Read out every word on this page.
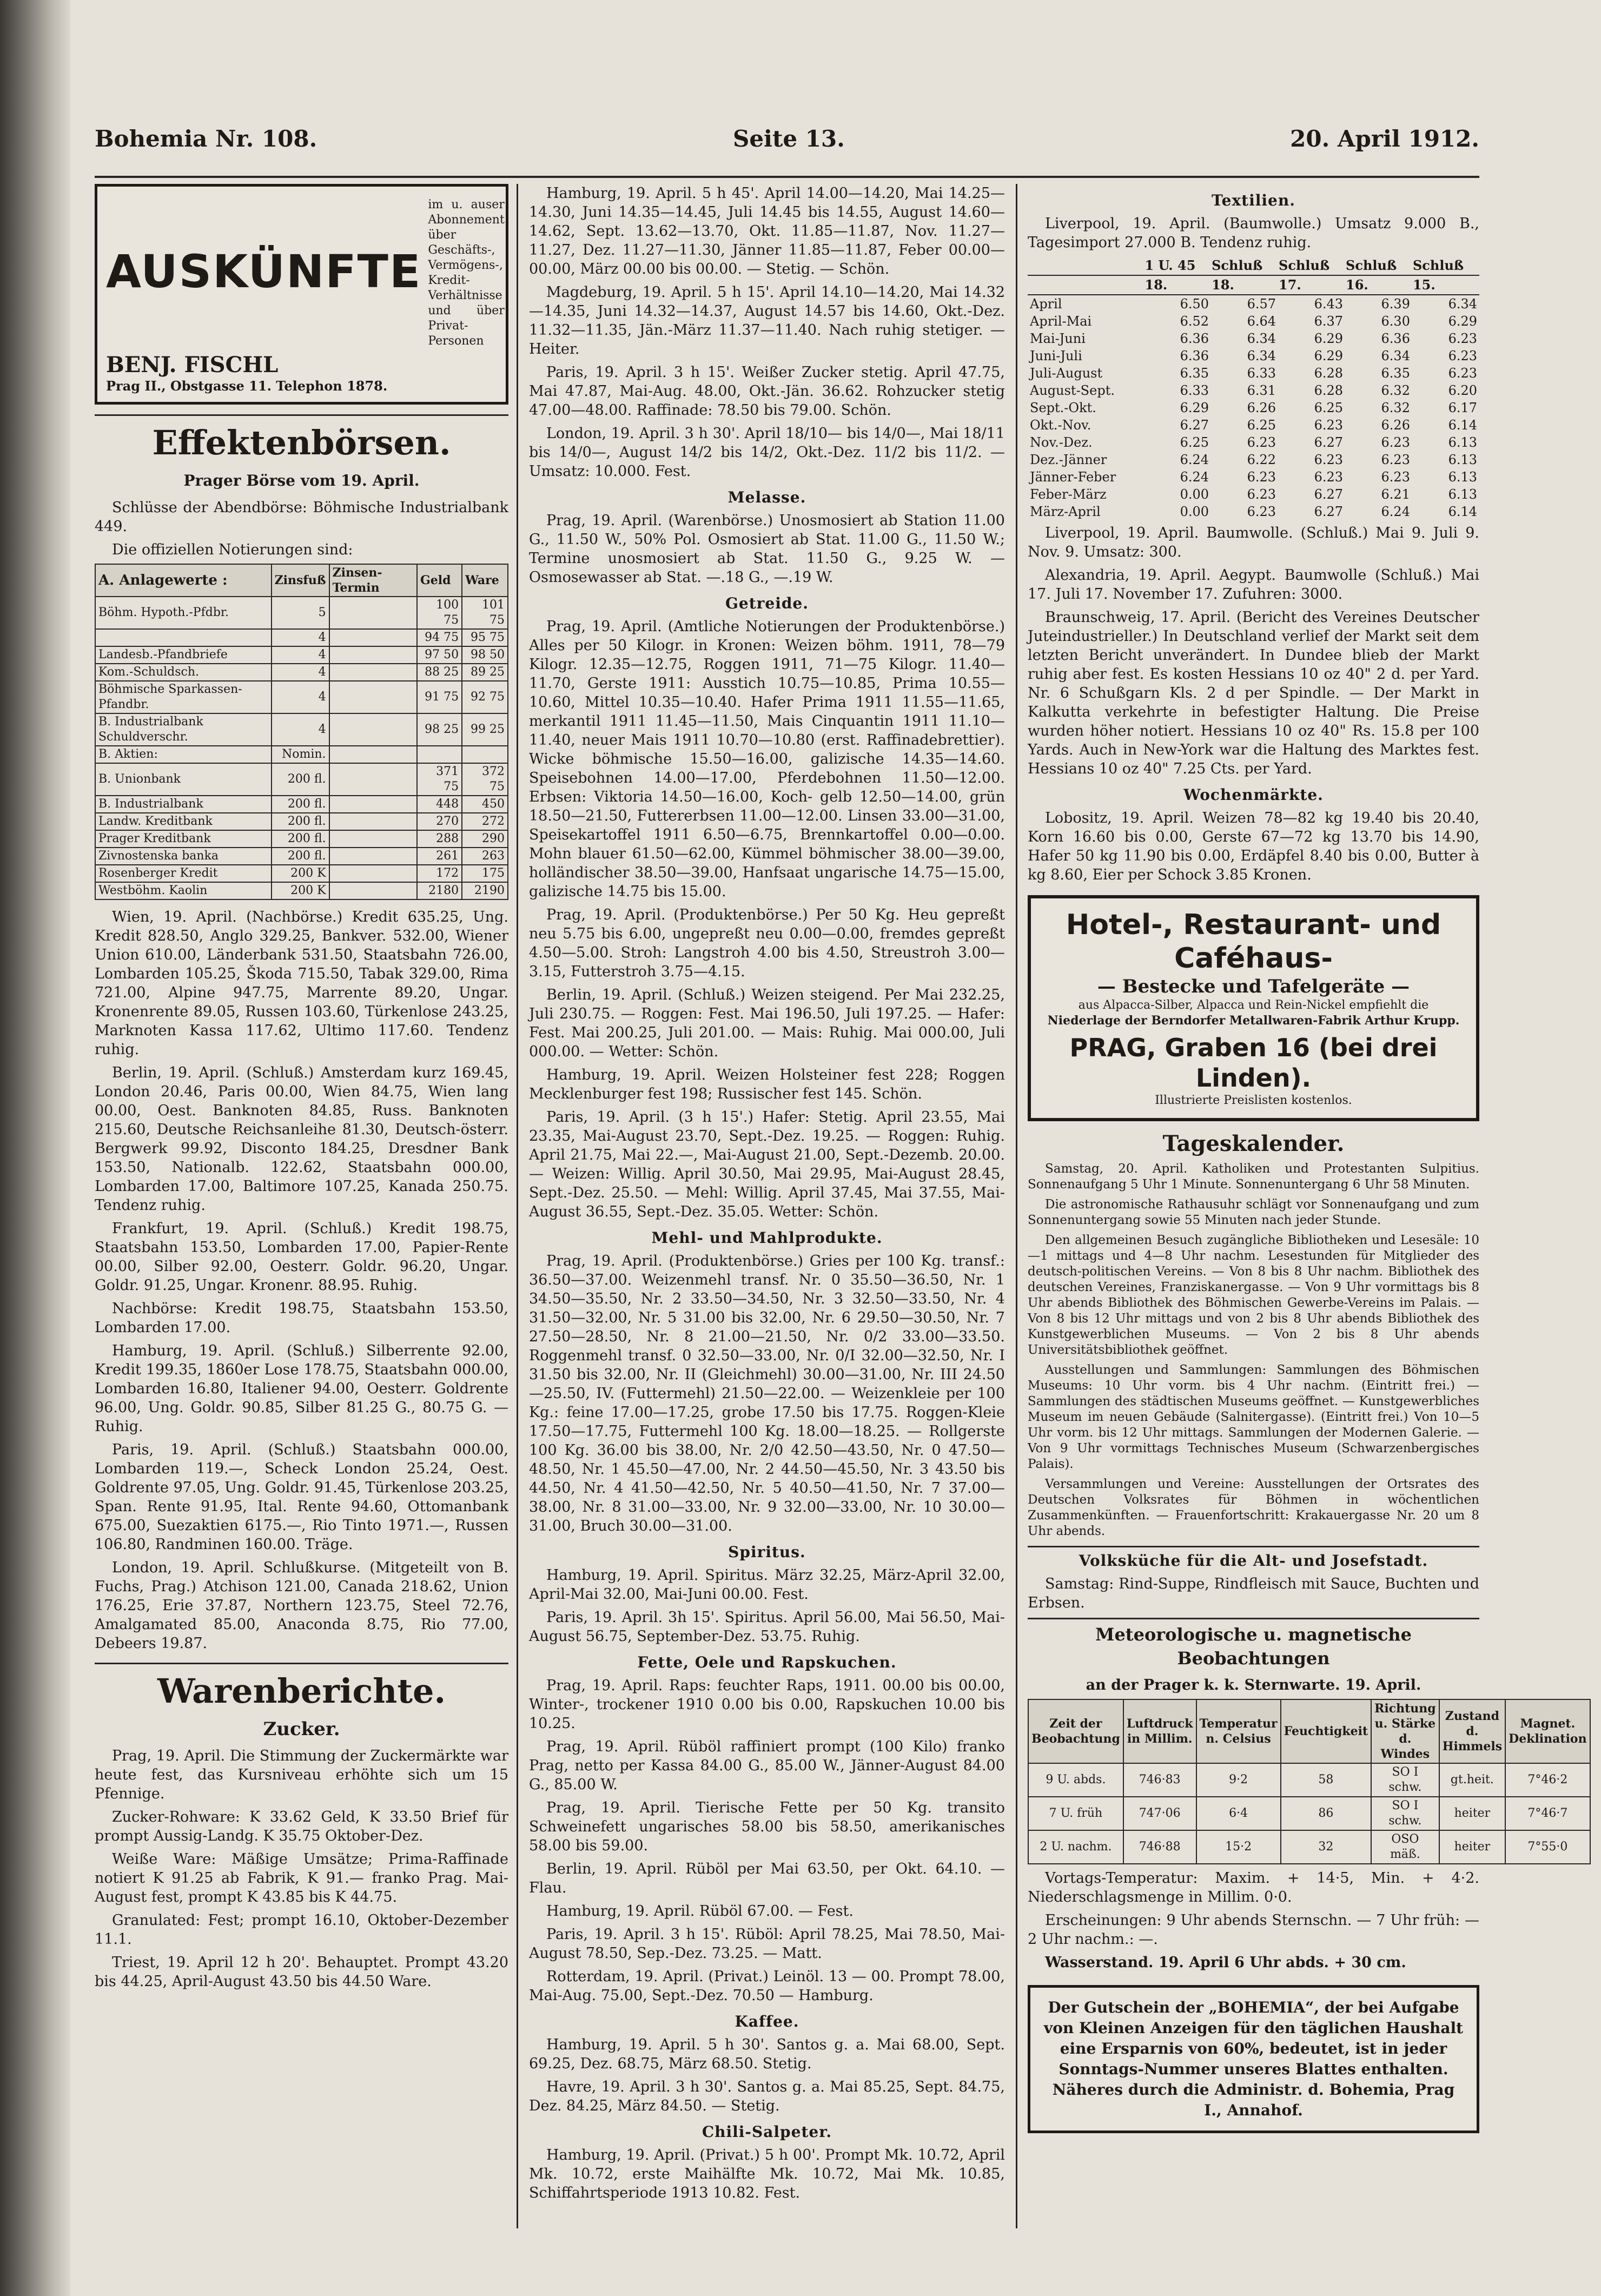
Bohemia Nr. 108.	Seite 13.	20. April 1912.
AUSKÜNFTE
im u. auser Abonnement über Geschäfts-, Vermögens-, Kredit-Verhältnisse und über Privat-Personen
BENJ. FISCHL
Prag II., Obstgasse 11. Telephon 1878.
Effektenbörsen.
Prager Börse vom 19. April.

Schlüsse der Abendbörse: Böhmische Industrialbank 449.

Die offiziellen Notierungen sind:

A. Anlagewerte :	Zinsfuß	Zinsen-Termin	Geld	Ware
Böhm. Hypoth.-Pfdbr.	5		100 75	101 75
	4		94 75	95 75
Landesb.-Pfandbriefe	4		97 50	98 50
Kom.-Schuldsch.	4		88 25	89 25
Böhmische Sparkassen-Pfandbr.	4		91 75	92 75
B. Industrialbank Schuldverschr.	4		98 25	99 25
B. Aktien:	Nomin.			
B. Unionbank	200 fl.		371 75	372 75
B. Industrialbank	200 fl.		448	450
Landw. Kreditbank	200 fl.		270	272
Prager Kreditbank	200 fl.		288	290
Zivnostenska banka	200 fl.		261	263
Rosenberger Kredit	200 K		172	175
Westböhm. Kaolin	200 K		2180	2190

Wien, 19. April. (Nachbörse.) Kredit 635.25, Ung. Kredit 828.50, Anglo 329.25, Bankver. 532.00, Wiener Union 610.00, Länderbank 531.50, Staatsbahn 726.00, Lombarden 105.25, Škoda 715.50, Tabak 329.00, Rima 721.00, Alpine 947.75, Marrente 89.20, Ungar. Kronenrente 89.05, Russen 103.60, Türkenlose 243.25, Marknoten Kassa 117.62, Ultimo 117.60. Tendenz ruhig.

Berlin, 19. April. (Schluß.) Amsterdam kurz 169.45, London 20.46, Paris 00.00, Wien 84.75, Wien lang 00.00, Oest. Banknoten 84.85, Russ. Banknoten 215.60, Deutsche Reichsanleihe 81.30, Deutsch-österr. Bergwerk 99.92, Disconto 184.25, Dresdner Bank 153.50, Nationalb. 122.62, Staatsbahn 000.00, Lombarden 17.00, Baltimore 107.25, Kanada 250.75. Tendenz ruhig.

Frankfurt, 19. April. (Schluß.) Kredit 198.75, Staatsbahn 153.50, Lombarden 17.00, Papier-Rente 00.00, Silber 92.00, Oesterr. Goldr. 96.20, Ungar. Goldr. 91.25, Ungar. Kronenr. 88.95. Ruhig.

Nachbörse: Kredit 198.75, Staatsbahn 153.50, Lombarden 17.00.

Hamburg, 19. April. (Schluß.) Silberrente 92.00, Kredit 199.35, 1860er Lose 178.75, Staatsbahn 000.00, Lombarden 16.80, Italiener 94.00, Oesterr. Goldrente 96.00, Ung. Goldr. 90.85, Silber 81.25 G., 80.75 G. — Ruhig.

Paris, 19. April. (Schluß.) Staatsbahn 000.00, Lombarden 119.—, Scheck London 25.24, Oest. Goldrente 97.05, Ung. Goldr. 91.45, Türkenlose 203.25, Span. Rente 91.95, Ital. Rente 94.60, Ottomanbank 675.00, Suezaktien 6175.—, Rio Tinto 1971.—, Russen 106.80, Randminen 160.00. Träge.

London, 19. April. Schlußkurse. (Mitgeteilt von B. Fuchs, Prag.) Atchison 121.00, Canada 218.62, Union 176.25, Erie 37.87, Northern 123.75, Steel 72.76, Amalgamated 85.00, Anaconda 8.75, Rio 77.00, Debeers 19.87.

Warenberichte.
Zucker.

Prag, 19. April. Die Stimmung der Zuckermärkte war heute fest, das Kursniveau erhöhte sich um 15 Pfennige.

Zucker-Rohware: K 33.62 Geld, K 33.50 Brief für prompt Aussig-Landg. K 35.75 Oktober-Dez.

Weiße Ware: Mäßige Umsätze; Prima-Raffinade notiert K 91.25 ab Fabrik, K 91.— franko Prag. Mai-August fest, prompt K 43.85 bis K 44.75.

Granulated: Fest; prompt 16.10, Oktober-Dezember 11.1.

Triest, 19. April 12 h 20'. Behauptet. Prompt 43.20 bis 44.25, April-August 43.50 bis 44.50 Ware.

Hamburg, 19. April. 5 h 45'. April 14.00—14.20, Mai 14.25—14.30, Juni 14.35—14.45, Juli 14.45 bis 14.55, August 14.60—14.62, Sept. 13.62—13.70, Okt. 11.85—11.87, Nov. 11.27—11.27, Dez. 11.27—11.30, Jänner 11.85—11.87, Feber 00.00—00.00, März 00.00 bis 00.00. — Stetig. — Schön.

Magdeburg, 19. April. 5 h 15'. April 14.10—14.20, Mai 14.32—14.35, Juni 14.32—14.37, August 14.57 bis 14.60, Okt.-Dez. 11.32—11.35, Jän.-März 11.37—11.40. Nach ruhig stetiger. — Heiter.

Paris, 19. April. 3 h 15'. Weißer Zucker stetig. April 47.75, Mai 47.87, Mai-Aug. 48.00, Okt.-Jän. 36.62. Rohzucker stetig 47.00—48.00. Raffinade: 78.50 bis 79.00. Schön.

London, 19. April. 3 h 30'. April 18/10— bis 14/0—, Mai 18/11 bis 14/0—, August 14/2 bis 14/2, Okt.-Dez. 11/2 bis 11/2. — Umsatz: 10.000. Fest.

Melasse.

Prag, 19. April. (Warenbörse.) Unosmosiert ab Station 11.00 G., 11.50 W., 50% Pol. Osmosiert ab Stat. 11.00 G., 11.50 W.; Termine unosmosiert ab Stat. 11.50 G., 9.25 W. — Osmosewasser ab Stat. —.18 G., —.19 W.

Getreide.

Prag, 19. April. (Amtliche Notierungen der Produktenbörse.) Alles per 50 Kilogr. in Kronen: Weizen böhm. 1911, 78—79 Kilogr. 12.35—12.75, Roggen 1911, 71—75 Kilogr. 11.40—11.70, Gerste 1911: Ausstich 10.75—10.85, Prima 10.55—10.60, Mittel 10.35—10.40. Hafer Prima 1911 11.55—11.65, merkantil 1911 11.45—11.50, Mais Cinquantin 1911 11.10—11.40, neuer Mais 1911 10.70—10.80 (erst. Raffinadebrettier). Wicke böhmische 15.50—16.00, galizische 14.35—14.60. Speisebohnen 14.00—17.00, Pferdebohnen 11.50—12.00. Erbsen: Viktoria 14.50—16.00, Koch- gelb 12.50—14.00, grün 18.50—21.50, Futtererbsen 11.00—12.00. Linsen 33.00—31.00, Speisekartoffel 1911 6.50—6.75, Brennkartoffel 0.00—0.00. Mohn blauer 61.50—62.00, Kümmel böhmischer 38.00—39.00, holländischer 38.50—39.00, Hanfsaat ungarische 14.75—15.00, galizische 14.75 bis 15.00.

Prag, 19. April. (Produktenbörse.) Per 50 Kg. Heu gepreßt neu 5.75 bis 6.00, ungepreßt neu 0.00—0.00, fremdes gepreßt 4.50—5.00. Stroh: Langstroh 4.00 bis 4.50, Streustroh 3.00—3.15, Futterstroh 3.75—4.15.

Berlin, 19. April. (Schluß.) Weizen steigend. Per Mai 232.25, Juli 230.75. — Roggen: Fest. Mai 196.50, Juli 197.25. — Hafer: Fest. Mai 200.25, Juli 201.00. — Mais: Ruhig. Mai 000.00, Juli 000.00. — Wetter: Schön.

Hamburg, 19. April. Weizen Holsteiner fest 228; Roggen Mecklenburger fest 198; Russischer fest 145. Schön.

Paris, 19. April. (3 h 15'.) Hafer: Stetig. April 23.55, Mai 23.35, Mai-August 23.70, Sept.-Dez. 19.25. — Roggen: Ruhig. April 21.75, Mai 22.—, Mai-August 21.00, Sept.-Dezemb. 20.00. — Weizen: Willig. April 30.50, Mai 29.95, Mai-August 28.45, Sept.-Dez. 25.50. — Mehl: Willig. April 37.45, Mai 37.55, Mai-August 36.55, Sept.-Dez. 35.05. Wetter: Schön.

Mehl- und Mahlprodukte.

Prag, 19. April. (Produktenbörse.) Gries per 100 Kg. transf.: 36.50—37.00. Weizenmehl transf. Nr. 0 35.50—36.50, Nr. 1 34.50—35.50, Nr. 2 33.50—34.50, Nr. 3 32.50—33.50, Nr. 4 31.50—32.00, Nr. 5 31.00 bis 32.00, Nr. 6 29.50—30.50, Nr. 7 27.50—28.50, Nr. 8 21.00—21.50, Nr. 0/2 33.00—33.50. Roggenmehl transf. 0 32.50—33.00, Nr. 0/I 32.00—32.50, Nr. I 31.50 bis 32.00, Nr. II (Gleichmehl) 30.00—31.00, Nr. III 24.50—25.50, IV. (Futtermehl) 21.50—22.00. — Weizenkleie per 100 Kg.: feine 17.00—17.25, grobe 17.50 bis 17.75. Roggen-Kleie 17.50—17.75, Futtermehl 100 Kg. 18.00—18.25. — Rollgerste 100 Kg. 36.00 bis 38.00, Nr. 2/0 42.50—43.50, Nr. 0 47.50—48.50, Nr. 1 45.50—47.00, Nr. 2 44.50—45.50, Nr. 3 43.50 bis 44.50, Nr. 4 41.50—42.50, Nr. 5 40.50—41.50, Nr. 7 37.00—38.00, Nr. 8 31.00—33.00, Nr. 9 32.00—33.00, Nr. 10 30.00—31.00, Bruch 30.00—31.00.

Spiritus.

Hamburg, 19. April. Spiritus. März 32.25, März-April 32.00, April-Mai 32.00, Mai-Juni 00.00. Fest.

Paris, 19. April. 3h 15'. Spiritus. April 56.00, Mai 56.50, Mai-August 56.75, September-Dez. 53.75. Ruhig.

Fette, Oele und Rapskuchen.

Prag, 19. April. Raps: feuchter Raps, 1911. 00.00 bis 00.00, Winter-, trockener 1910 0.00 bis 0.00, Rapskuchen 10.00 bis 10.25.

Prag, 19. April. Rüböl raffiniert prompt (100 Kilo) franko Prag, netto per Kassa 84.00 G., 85.00 W., Jänner-August 84.00 G., 85.00 W.

Prag, 19. April. Tierische Fette per 50 Kg. transito Schweinefett ungarisches 58.00 bis 58.50, amerikanisches 58.00 bis 59.00.

Berlin, 19. April. Rüböl per Mai 63.50, per Okt. 64.10. — Flau.

Hamburg, 19. April. Rüböl 67.00. — Fest.

Paris, 19. April. 3 h 15'. Rüböl: April 78.25, Mai 78.50, Mai-August 78.50, Sep.-Dez. 73.25. — Matt.

Rotterdam, 19. April. (Privat.) Leinöl. 13 — 00. Prompt 78.00, Mai-Aug. 75.00, Sept.-Dez. 70.50 — Hamburg.

Kaffee.

Hamburg, 19. April. 5 h 30'. Santos g. a. Mai 68.00, Sept. 69.25, Dez. 68.75, März 68.50. Stetig.

Havre, 19. April. 3 h 30'. Santos g. a. Mai 85.25, Sept. 84.75, Dez. 84.25, März 84.50. — Stetig.

Chili-Salpeter.

Hamburg, 19. April. (Privat.) 5 h 00'. Prompt Mk. 10.72, April Mk. 10.72, erste Maihälfte Mk. 10.72, Mai Mk. 10.85, Schiffahrtsperiode 1913 10.82. Fest.

Textilien.

Liverpool, 19. April. (Baumwolle.) Umsatz 9.000 B., Tagesimport 27.000 B. Tendenz ruhig.

	1 U. 45	Schluß	Schluß	Schluß	Schluß
	18.	18.	17.	16.	15.
April	6.50	6.57	6.43	6.39	6.34
April-Mai	6.52	6.64	6.37	6.30	6.29
Mai-Juni	6.36	6.34	6.29	6.36	6.23
Juni-Juli	6.36	6.34	6.29	6.34	6.23
Juli-August	6.35	6.33	6.28	6.35	6.23
August-Sept.	6.33	6.31	6.28	6.32	6.20
Sept.-Okt.	6.29	6.26	6.25	6.32	6.17
Okt.-Nov.	6.27	6.25	6.23	6.26	6.14
Nov.-Dez.	6.25	6.23	6.27	6.23	6.13
Dez.-Jänner	6.24	6.22	6.23	6.23	6.13
Jänner-Feber	6.24	6.23	6.23	6.23	6.13
Feber-März	0.00	6.23	6.27	6.21	6.13
März-April	0.00	6.23	6.27	6.24	6.14

Liverpool, 19. April. Baumwolle. (Schluß.) Mai 9. Juli 9. Nov. 9. Umsatz: 300.

Alexandria, 19. April. Aegypt. Baumwolle (Schluß.) Mai 17. Juli 17. November 17. Zufuhren: 3000.

Braunschweig, 17. April. (Bericht des Vereines Deutscher Juteindustrieller.) In Deutschland verlief der Markt seit dem letzten Bericht unverändert. In Dundee blieb der Markt ruhig aber fest. Es kosten Hessians 10 oz 40" 2 d. per Yard. Nr. 6 Schußgarn Kls. 2 d per Spindle. — Der Markt in Kalkutta verkehrte in befestigter Haltung. Die Preise wurden höher notiert. Hessians 10 oz 40" Rs. 15.8 per 100 Yards. Auch in New-York war die Haltung des Marktes fest. Hessians 10 oz 40" 7.25 Cts. per Yard.

Wochenmärkte.

Lobositz, 19. April. Weizen 78—82 kg 19.40 bis 20.40, Korn 16.60 bis 0.00, Gerste 67—72 kg 13.70 bis 14.90, Hafer 50 kg 11.90 bis 0.00, Erdäpfel 8.40 bis 0.00, Butter à kg 8.60, Eier per Schock 3.85 Kronen.

Hotel-, Restaurant- und Caféhaus-
— Bestecke und Tafelgeräte —
aus Alpacca-Silber, Alpacca und Rein-Nickel empfiehlt die
Niederlage der Berndorfer Metallwaren-Fabrik Arthur Krupp.
PRAG, Graben 16 (bei drei Linden).
Illustrierte Preislisten kostenlos.
Tageskalender.

Samstag, 20. April. Katholiken und Protestanten Sulpitius. Sonnenaufgang 5 Uhr 1 Minute. Sonnenuntergang 6 Uhr 58 Minuten.

Die astronomische Rathausuhr schlägt vor Sonnenaufgang und zum Sonnenuntergang sowie 55 Minuten nach jeder Stunde.

Den allgemeinen Besuch zugängliche Bibliotheken und Lesesäle: 10—1 mittags und 4—8 Uhr nachm. Lesestunden für Mitglieder des deutsch-politischen Vereins. — Von 8 bis 8 Uhr nachm. Bibliothek des deutschen Vereines, Franziskanergasse. — Von 9 Uhr vormittags bis 8 Uhr abends Bibliothek des Böhmischen Gewerbe-Vereins im Palais. — Von 8 bis 12 Uhr mittags und von 2 bis 8 Uhr abends Bibliothek des Kunstgewerblichen Museums. — Von 2 bis 8 Uhr abends Universitätsbibliothek geöffnet.

Ausstellungen und Sammlungen: Sammlungen des Böhmischen Museums: 10 Uhr vorm. bis 4 Uhr nachm. (Eintritt frei.) — Sammlungen des städtischen Museums geöffnet. — Kunstgewerbliches Museum im neuen Gebäude (Salnitergasse). (Eintritt frei.) Von 10—5 Uhr vorm. bis 12 Uhr mittags. Sammlungen der Modernen Galerie. — Von 9 Uhr vormittags Technisches Museum (Schwarzenbergisches Palais).

Versammlungen und Vereine: Ausstellungen der Ortsrates des Deutschen Volksrates für Böhmen in wöchentlichen Zusammenkünften. — Frauenfortschritt: Krakauergasse Nr. 20 um 8 Uhr abends.

Volksküche für die Alt- und Josefstadt.

Samstag: Rind-Suppe, Rindfleisch mit Sauce, Buchten und Erbsen.

Meteorologische u. magnetische Beobachtungen
an der Prager k. k. Sternwarte. 19. April.
Zeit der Beobachtung	Luftdruck in Millim.	Temperatur n. Celsius	Feuchtigkeit	Richtung u. Stärke d. Windes	Zustand d. Himmels	Magnet. Deklination
9 U. abds.	746·83	9·2	58	SO I schw.	gt.heit.	7°46·2
7 U. früh	747·06	6·4	86	SO I schw.	heiter	7°46·7
2 U. nachm.	746·88	15·2	32	OSO mäß.	heiter	7°55·0

Vortags-Temperatur: Maxim. + 14·5, Min. + 4·2. Niederschlagsmenge in Millim. 0·0.

Erscheinungen: 9 Uhr abends Sternschn. — 7 Uhr früh: — 2 Uhr nachm.: —.

Wasserstand. 19. April 6 Uhr abds. + 30 cm.

Der Gutschein der „BOHEMIA“, der bei Aufgabe von Kleinen Anzeigen für den täglichen Haushalt eine Ersparnis von 60%, bedeutet, ist in jeder Sonntags-Nummer unseres Blattes enthalten. Näheres durch die Administr. d. Bohemia, Prag I., Annahof.
